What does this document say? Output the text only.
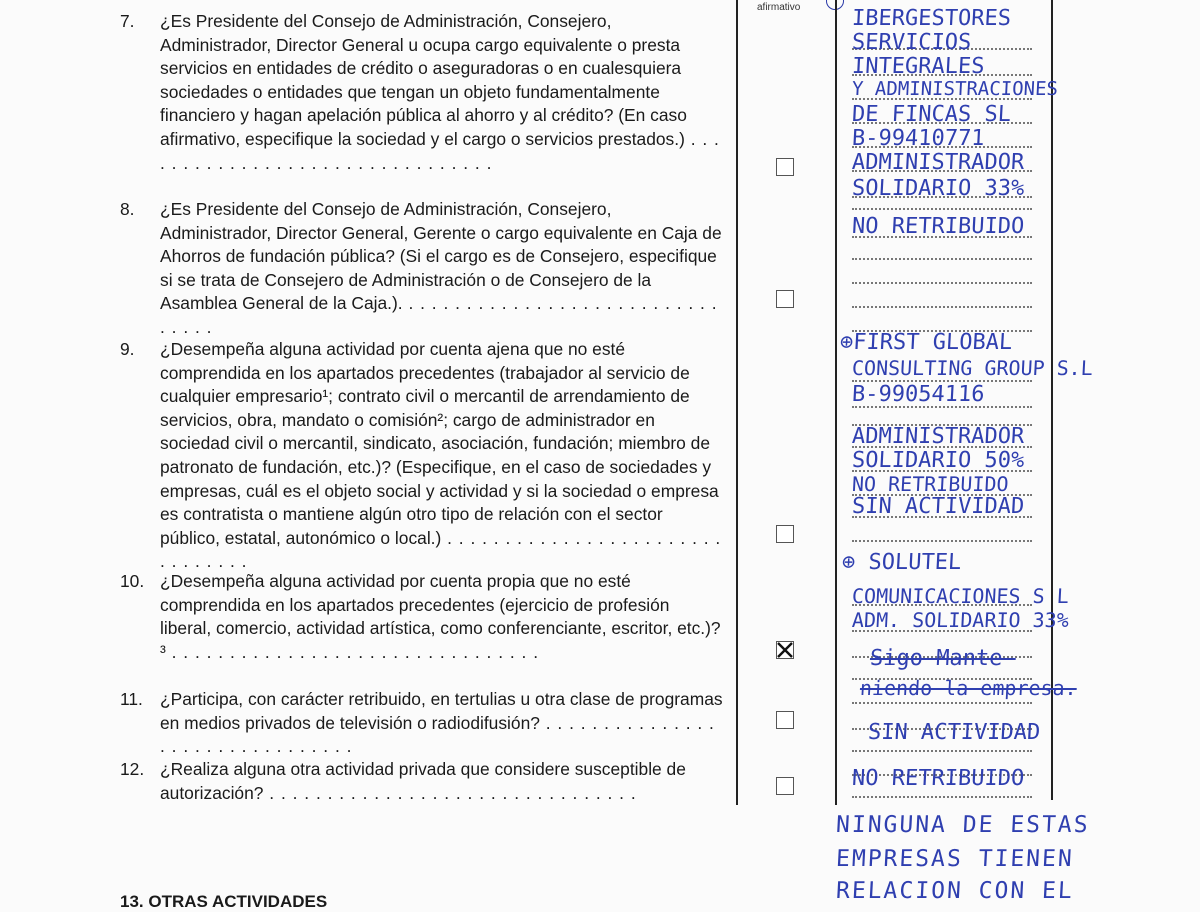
afirmativo
7. ¿Es Presidente del Consejo de Administración, Consejero, Administrador, Director General u ocupa cargo equivalente o presta servicios en entidades de crédito o aseguradoras o en cualesquiera sociedades o entidades que tengan un objeto fundamentalmente financiero y hagan apelación pública al ahorro y al crédito? (En caso afirmativo, especifique la sociedad y el cargo o servicios prestados.) . . . . . . . . . . . . . . . . . . . . . . . . . . . . . . . .
8. ¿Es Presidente del Consejo de Administración, Consejero, Administrador, Director General, Gerente o cargo equivalente en Caja de Ahorros de fundación pública? (Si el cargo es de Consejero, especifique si se trata de Consejero de Administración o de Consejero de la Asamblea General de la Caja.). . . . . . . . . . . . . . . . . . . . . . . . . . . . . . . . .
9. ¿Desempeña alguna actividad por cuenta ajena que no esté comprendida en los apartados precedentes (trabajador al servicio de cualquier empresario¹; contrato civil o mercantil de arrendamiento de servicios, obra, mandato o comisión²; cargo de administrador en sociedad civil o mercantil, sindicato, asociación, fundación; miembro de patronato de fundación, etc.)? (Especifique, en el caso de sociedades y empresas, cuál es el objeto social y actividad y si la sociedad o empresa es contratista o mantiene algún otro tipo de relación con el sector público, estatal, autonómico o local.) . . . . . . . . . . . . . . . . . . . . . . . . . . . . . . . .
10. ¿Desempeña alguna actividad por cuenta propia que no esté comprendida en los apartados precedentes (ejercicio de profesión liberal, comercio, actividad artística, como conferenciante, escritor, etc.)?³ . . . . . . . . . . . . . . . . . . . . . . . . . . . . . . . .
11. ¿Participa, con carácter retribuido, en tertulias u otra clase de programas en medios privados de televisión o radiodifusión? . . . . . . . . . . . . . . . . . . . . . . . . . . . . . . . .
12. ¿Realiza alguna otra actividad privada que considere susceptible de autorización? . . . . . . . . . . . . . . . . . . . . . . . . . . . . . . . .
IBERGESTORES
SERVICIOS
INTEGRALES
Y ADMINISTRACIONES
DE FINCAS SL
B-99410771
ADMINISTRADOR
SOLIDARIO 33%
NO RETRIBUIDO
⊕FIRST GLOBAL
CONSULTING GROUP S.L
B-99054116
ADMINISTRADOR
SOLIDARIO 50%
NO RETRIBUIDO
SIN ACTIVIDAD
⊕ SOLUTEL
COMUNICACIONES S L
ADM. SOLIDARIO 33%
Sigo Mante-
niendo la empresa.
SIN ACTIVIDAD
NO RETRIBUIDO
NINGUNA DE ESTAS
EMPRESAS TIENEN
RELACION CON EL
13. OTRAS ACTIVIDADES
